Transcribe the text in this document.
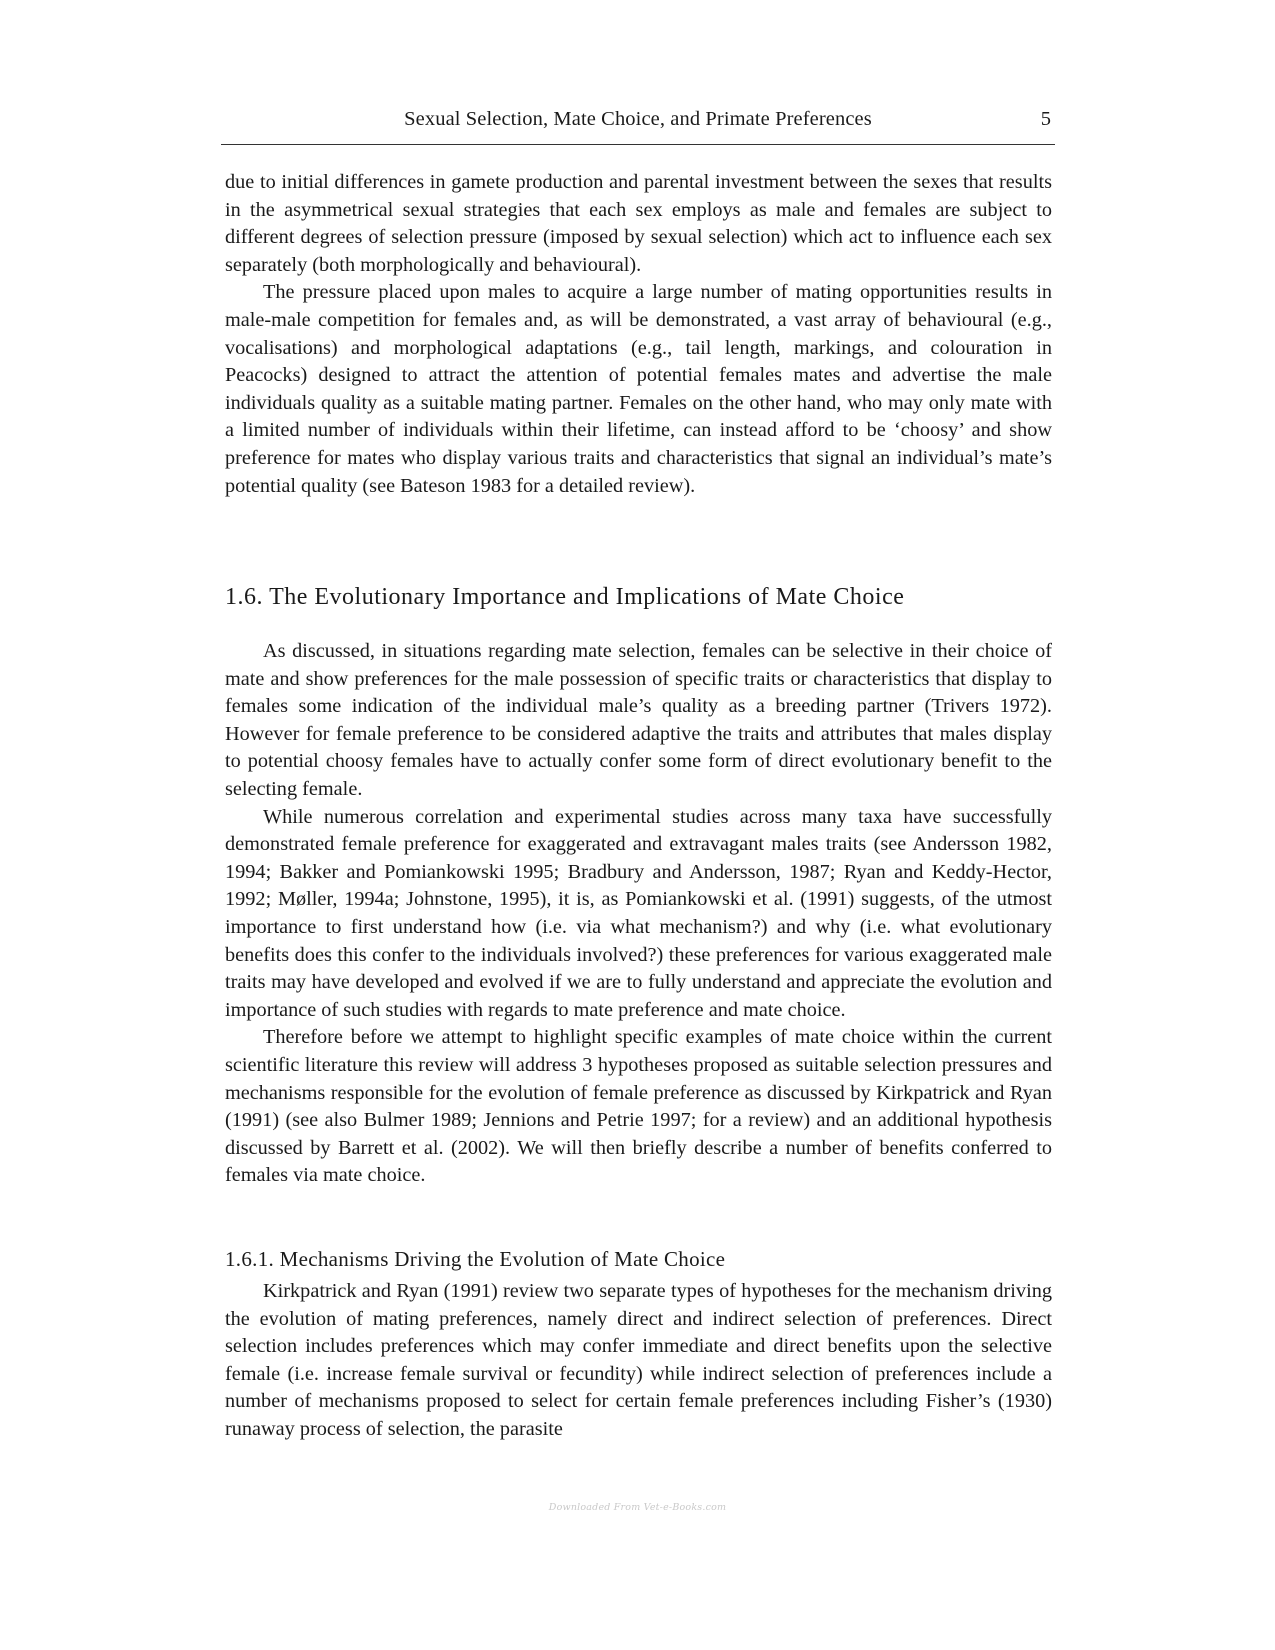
Sexual Selection, Mate Choice, and Primate Preferences	5

due to initial differences in gamete production and parental investment between the sexes that results in the asymmetrical sexual strategies that each sex employs as male and females are subject to different degrees of selection pressure (imposed by sexual selection) which act to influence each sex separately (both morphologically and behavioural).

The pressure placed upon males to acquire a large number of mating opportunities results in male-male competition for females and, as will be demonstrated, a vast array of behavioural (e.g., vocalisations) and morphological adaptations (e.g., tail length, markings, and colouration in Peacocks) designed to attract the attention of potential females mates and advertise the male individuals quality as a suitable mating partner. Females on the other hand, who may only mate with a limited number of individuals within their lifetime, can instead afford to be ‘choosy’ and show preference for mates who display various traits and characteristics that signal an individual’s mate’s potential quality (see Bateson 1983 for a detailed review).

1.6. The Evolutionary Importance and Implications of Mate Choice

As discussed, in situations regarding mate selection, females can be selective in their choice of mate and show preferences for the male possession of specific traits or characteristics that display to females some indication of the individual male’s quality as a breeding partner (Trivers 1972). However for female preference to be considered adaptive the traits and attributes that males display to potential choosy females have to actually confer some form of direct evolutionary benefit to the selecting female.

While numerous correlation and experimental studies across many taxa have successfully demonstrated female preference for exaggerated and extravagant males traits (see Andersson 1982, 1994; Bakker and Pomiankowski 1995; Bradbury and Andersson, 1987; Ryan and Keddy-Hector, 1992; Møller, 1994a; Johnstone, 1995), it is, as Pomiankowski et al. (1991) suggests, of the utmost importance to first understand how (i.e. via what mechanism?) and why (i.e. what evolutionary benefits does this confer to the individuals involved?) these preferences for various exaggerated male traits may have developed and evolved if we are to fully understand and appreciate the evolution and importance of such studies with regards to mate preference and mate choice.

Therefore before we attempt to highlight specific examples of mate choice within the current scientific literature this review will address 3 hypotheses proposed as suitable selection pressures and mechanisms responsible for the evolution of female preference as discussed by Kirkpatrick and Ryan (1991) (see also Bulmer 1989; Jennions and Petrie 1997; for a review) and an additional hypothesis discussed by Barrett et al. (2002). We will then briefly describe a number of benefits conferred to females via mate choice.

1.6.1. Mechanisms Driving the Evolution of Mate Choice

Kirkpatrick and Ryan (1991) review two separate types of hypotheses for the mechanism driving the evolution of mating preferences, namely direct and indirect selection of preferences. Direct selection includes preferences which may confer immediate and direct benefits upon the selective female (i.e. increase female survival or fecundity) while indirect selection of preferences include a number of mechanisms proposed to select for certain female preferences including Fisher’s (1930) runaway process of selection, the parasite

Downloaded From Vet-e-Books.com
